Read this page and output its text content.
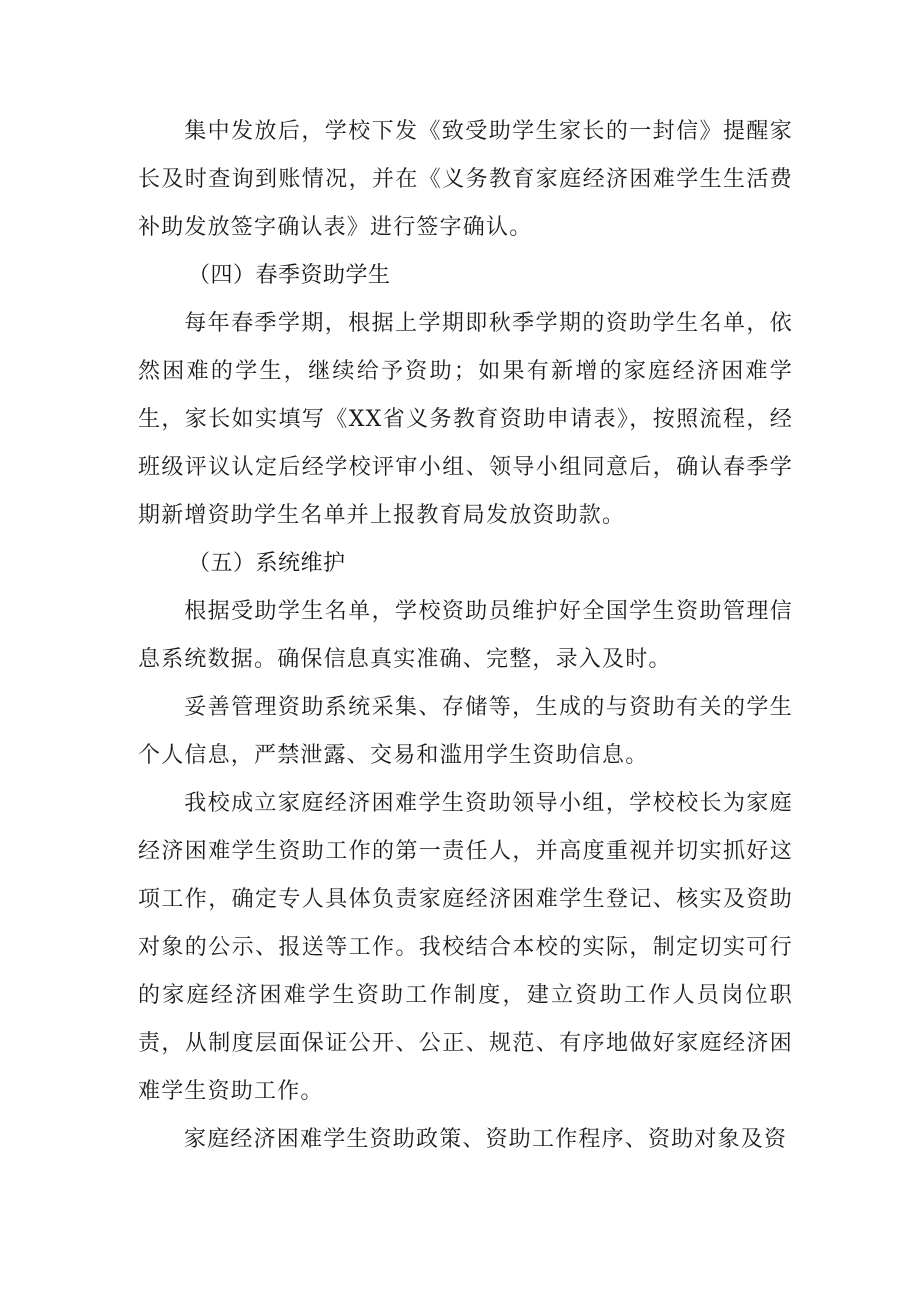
集中发放后，学校下发《致受助学生家长的一封信》提醒家长及时查询到账情况，并在《义务教育家庭经济困难学生生活费补助发放签字确认表》进行签字确认。

（四）春季资助学生

每年春季学期，根据上学期即秋季学期的资助学生名单，依然困难的学生，继续给予资助；如果有新增的家庭经济困难学生，家长如实填写《XX省义务教育资助申请表》，按照流程，经班级评议认定后经学校评审小组、领导小组同意后，确认春季学期新增资助学生名单并上报教育局发放资助款。

（五）系统维护

根据受助学生名单，学校资助员维护好全国学生资助管理信息系统数据。确保信息真实准确、完整，录入及时。

妥善管理资助系统采集、存储等，生成的与资助有关的学生个人信息，严禁泄露、交易和滥用学生资助信息。

我校成立家庭经济困难学生资助领导小组，学校校长为家庭经济困难学生资助工作的第一责任人，并高度重视并切实抓好这项工作，确定专人具体负责家庭经济困难学生登记、核实及资助对象的公示、报送等工作。我校结合本校的实际，制定切实可行的家庭经济困难学生资助工作制度，建立资助工作人员岗位职责，从制度层面保证公开、公正、规范、有序地做好家庭经济困难学生资助工作。

家庭经济困难学生资助政策、资助工作程序、资助对象及资
